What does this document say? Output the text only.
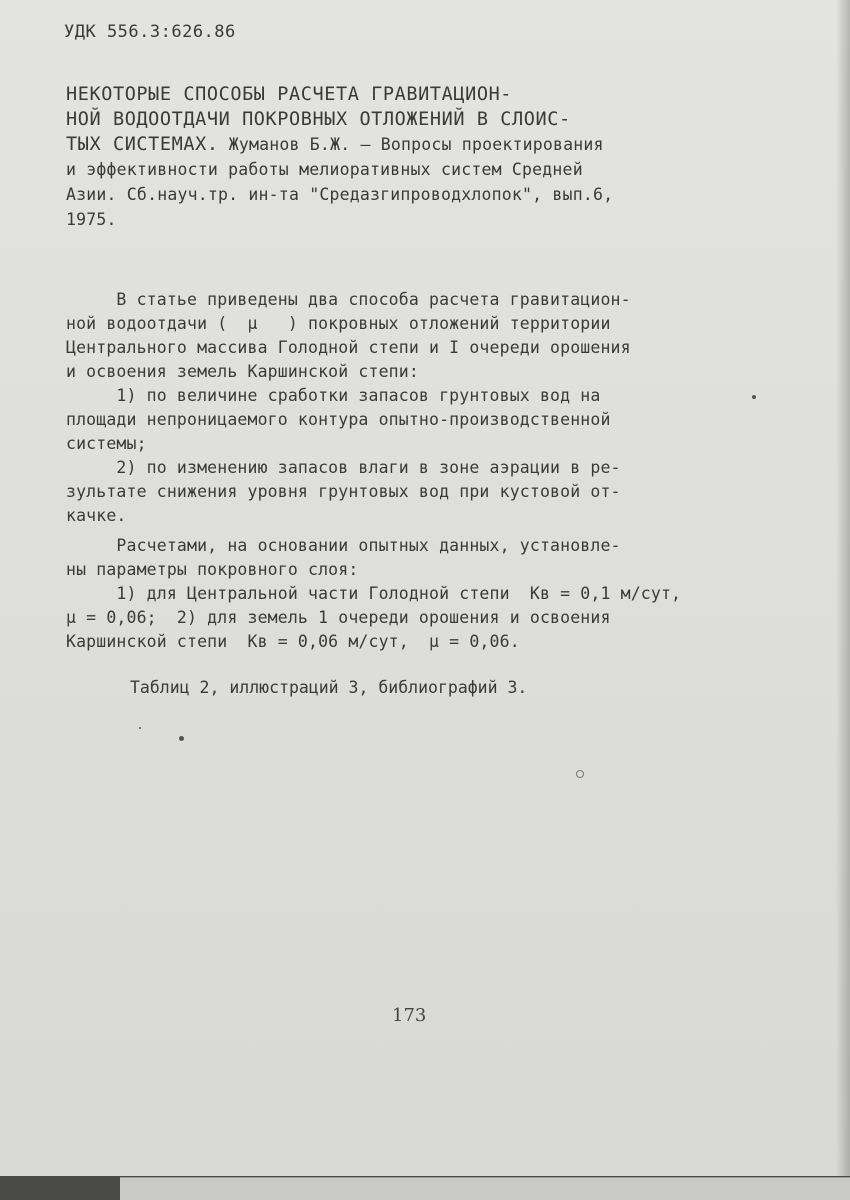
УДК 556.3:626.86
НЕКОТОРЫЕ СПОСОБЫ РАСЧЕТА ГРАВИТАЦИОН-
НОЙ ВОДООТДАЧИ ПОКРОВНЫХ ОТЛОЖЕНИЙ В СЛОИС-
ТЫХ СИСТЕМАХ. Жуманов Б.Ж. – Вопросы проектирования
и эффективности работы мелиоративных систем Средней
Азии. Сб.науч.тр. ин-та "Средазгипроводхлопок", вып.6,
1975.
В статье приведены два способа расчета гравитацион-
ной водоотдачи (  μ   ) покровных отложений территории
Центрального массива Голодной степи и I очереди орошения
и освоения земель Каршинской степи:
1) по величине сработки запасов грунтовых вод на
площади непроницаемого контура опытно-производственной
системы;
2) по изменению запасов влаги в зоне аэрации в ре-
зультате снижения уровня грунтовых вод при кустовой от-
качке.
Расчетами, на основании опытных данных, установле-
ны параметры покровного слоя:
1) для Центральной части Голодной степи  Кв = 0,1 м/сут,
μ = 0,06;  2) для земель 1 очереди орошения и освоения
Каршинской степи  Кв = 0,06 м/сут,  μ = 0,06.
Таблиц 2, иллюстраций 3, библиографий 3.
173
